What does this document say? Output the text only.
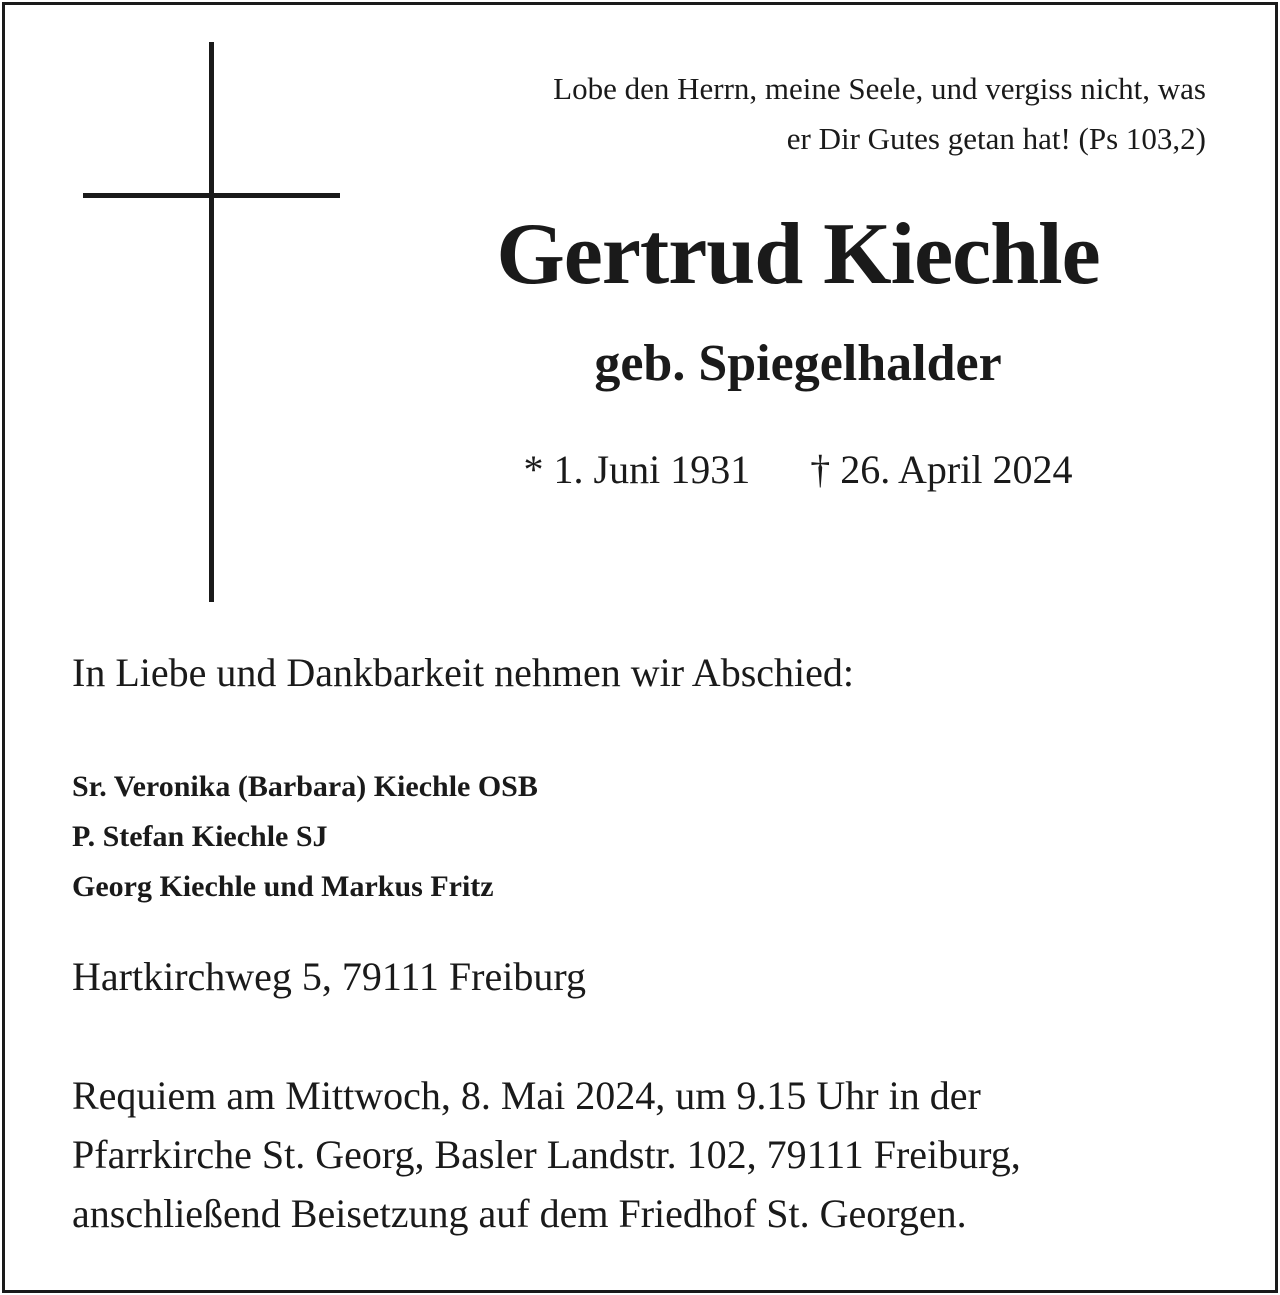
Lobe den Herrn, meine Seele, und vergiss nicht, was
er Dir Gutes getan hat! (Ps 103,2)

Gertrud Kiechle
geb. Spiegelhalder

* 1. Juni 1931 † 26. April 2024

In Liebe und Dankbarkeit nehmen wir Abschied:

Sr. Veronika (Barbara) Kiechle OSB
P. Stefan Kiechle SJ
Georg Kiechle und Markus Fritz

Hartkirchweg 5, 79111 Freiburg

Requiem am Mittwoch, 8. Mai 2024, um 9.15 Uhr in der
Pfarrkirche St. Georg, Basler Landstr. 102, 79111 Freiburg,
anschließend Beisetzung auf dem Friedhof St. Georgen.
